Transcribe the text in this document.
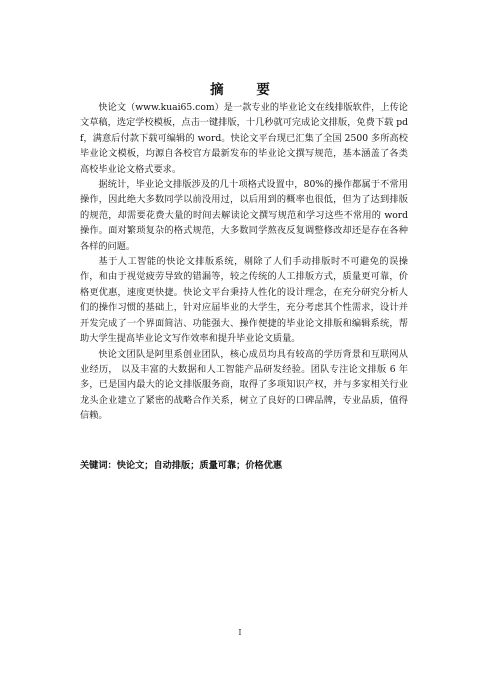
摘 要

快论文（www.kuai65.com）是一款专业的毕业论文在线排版软件，上传论文草稿，选定学校模板，点击一键排版，十几秒就可完成论文排版，免费下载 pdf，满意后付款下载可编辑的 word。快论文平台现已汇集了全国 2500 多所高校毕业论文模板，均源自各校官方最新发布的毕业论文撰写规范，基本涵盖了各类高校毕业论文格式要求。

据统计，毕业论文排版涉及的几十项格式设置中，80%的操作都属于不常用操作，因此绝大多数同学以前没用过，以后用到的概率也很低，但为了达到排版的规范，却需要花费大量的时间去解读论文撰写规范和学习这些不常用的 word 操作。面对繁琐复杂的格式规范，大多数同学熬夜反复调整修改却还是存在各种各样的问题。

基于人工智能的快论文排版系统，剔除了人们手动排版时不可避免的误操作，和由于视觉疲劳导致的错漏等，较之传统的人工排版方式，质量更可靠，价格更优惠，速度更快捷。快论文平台秉持人性化的设计理念，在充分研究分析人们的操作习惯的基础上，针对应届毕业的大学生，充分考虑其个性需求，设计并开发完成了一个界面简洁、功能强大、操作便捷的毕业论文排版和编辑系统，帮助大学生提高毕业论文写作效率和提升毕业论文质量。

快论文团队是阿里系创业团队，核心成员均具有较高的学历背景和互联网从业经历， 以及丰富的大数据和人工智能产品研发经验。团队专注论文排版 6 年多，已是国内最大的论文排版服务商，取得了多项知识产权，并与多家相关行业龙头企业建立了紧密的战略合作关系，树立了良好的口碑品牌，专业品质，值得信赖。

关键词：快论文；自动排版；质量可靠；价格优惠
I
